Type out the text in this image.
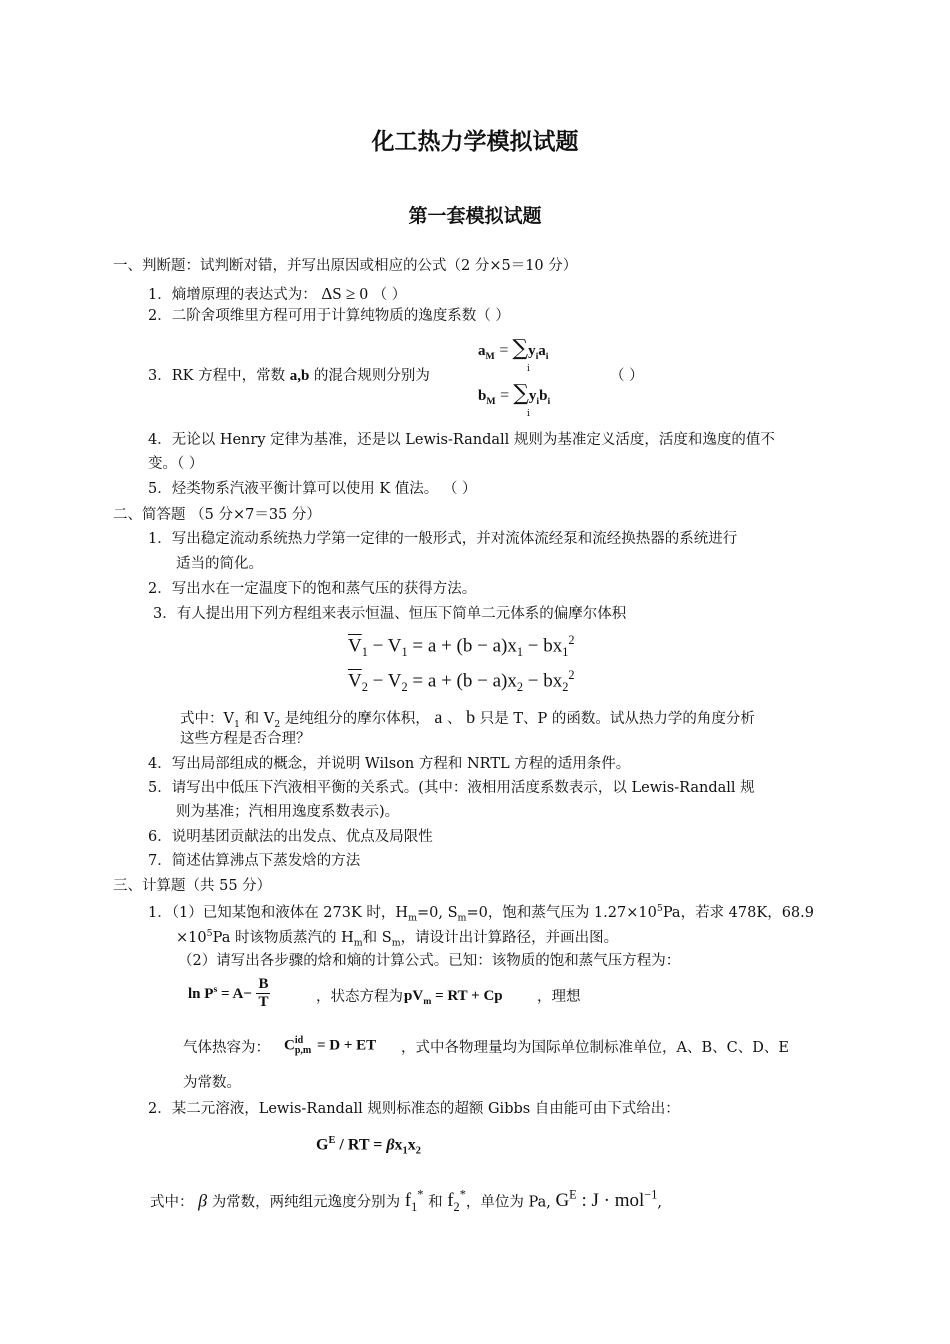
化工热力学模拟试题
第一套模拟试题
一、判断题：试判断对错，并写出原因或相应的公式（2 分×5＝10 分）
1．熵增原理的表达式为： ΔS ≥ 0 （ ）
2．二阶舍项维里方程可用于计算纯物质的逸度系数（ ）
3．RK 方程中，常数 a,b 的混合规则分别为
$a_M = \sum y_ia_i$
i
$b_M = \sum y_ib_i$
i
（ ）
4．无论以 Henry 定律为基准，还是以 Lewis-Randall 规则为基准定义活度，活度和逸度的值不
变。（ ）
5．烃类物系汽液平衡计算可以使用 K 值法。 （ ）
二、简答题 （5 分×7＝35 分）
1．写出稳定流动系统热力学第一定律的一般形式，并对流体流经泵和流经换热器的系统进行
适当的简化。
2．写出水在一定温度下的饱和蒸气压的获得方法。
3．有人提出用下列方程组来表示恒温、恒压下简单二元体系的偏摩尔体积
$\overline{V}_1 - V_1 = a + (b - a)x_1 - bx_1^2$
$\overline{V}_2 - V_2 = a + (b - a)x_2 - bx_2^2$
式中：$V_1$ 和 $V_2$ 是纯组分的摩尔体积， a 、 b 只是 T、P 的函数。试从热力学的角度分析
这些方程是否合理？
4．写出局部组成的概念，并说明 Wilson 方程和 NRTL 方程的适用条件。
5．请写出中低压下汽液相平衡的关系式。(其中：液相用活度系数表示，以 Lewis-Randall 规
则为基准；汽相用逸度系数表示)。
6．说明基团贡献法的出发点、优点及局限性
7．简述估算沸点下蒸发焓的方法
三、计算题（共 55 分）
1．（1）已知某饱和液体在 273K 时，$H_m=0$, $S_m=0$，饱和蒸气压为 $1.27\times 10^5Pa$，若求 478K，68.9
$\times 10^5Pa$ 时该物质蒸汽的 $H_m$和 $S_m$，请设计出计算路径，并画出图。
（2）请写出各步骤的焓和熵的计算公式。已知：该物质的饱和蒸气压方程为：
$\ln P^s = A- \frac{B}{T}$	，状态方程为:
$pV_m$ = RT + Cp ，理想
气体热容为： C id
p,m = D + ET ，式中各物理量均为国际单位制标准单位，A、B、C、D、E
为常数。
2．某二元溶液，Lewis-Randall 规则标准态的超额 Gibbs 自由能可由下式给出：
$G^E$ / RT = $\beta x_1x_2$
式中： β 为常数，两纯组元逸度分别为 $f_1^*$ 和 $f_2^*$，单位为 Pa, $G^E$ : J · mol$^{-1}$,
